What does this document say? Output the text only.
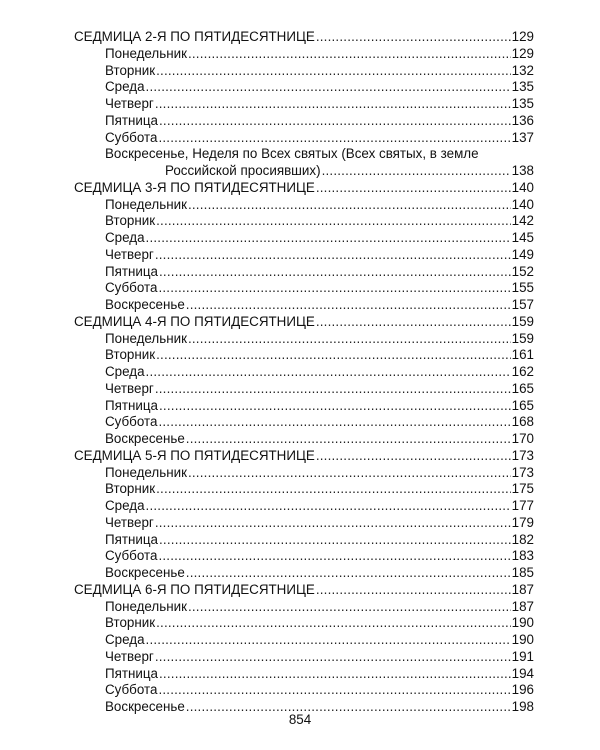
СЕДМИЦА 2-Я ПО ПЯТИДЕСЯТНИЦЕ .....	129
Понедельник .....	129
Вторник .....	132
Среда .....	135
Четверг .....	135
Пятница .....	136
Суббота .....	137
Воскресенье, Неделя по Всех святых (Всех святых, в земле
Российской просиявших) .....	138
СЕДМИЦА 3-Я ПО ПЯТИДЕСЯТНИЦЕ .....	140
Понедельник .....	140
Вторник .....	142
Среда .....	145
Четверг .....	149
Пятница .....	152
Суббота .....	155
Воскресенье .....	157
СЕДМИЦА 4-Я ПО ПЯТИДЕСЯТНИЦЕ .....	159
Понедельник .....	159
Вторник .....	161
Среда .....	162
Четверг .....	165
Пятница .....	165
Суббота .....	168
Воскресенье .....	170
СЕДМИЦА 5-Я ПО ПЯТИДЕСЯТНИЦЕ .....	173
Понедельник .....	173
Вторник .....	175
Среда .....	177
Четверг .....	179
Пятница .....	182
Суббота .....	183
Воскресенье .....	185
СЕДМИЦА 6-Я ПО ПЯТИДЕСЯТНИЦЕ .....	187
Понедельник .....	187
Вторник .....	190
Среда .....	190
Четверг .....	191
Пятница .....	194
Суббота .....	196
Воскресенье .....	198
854
